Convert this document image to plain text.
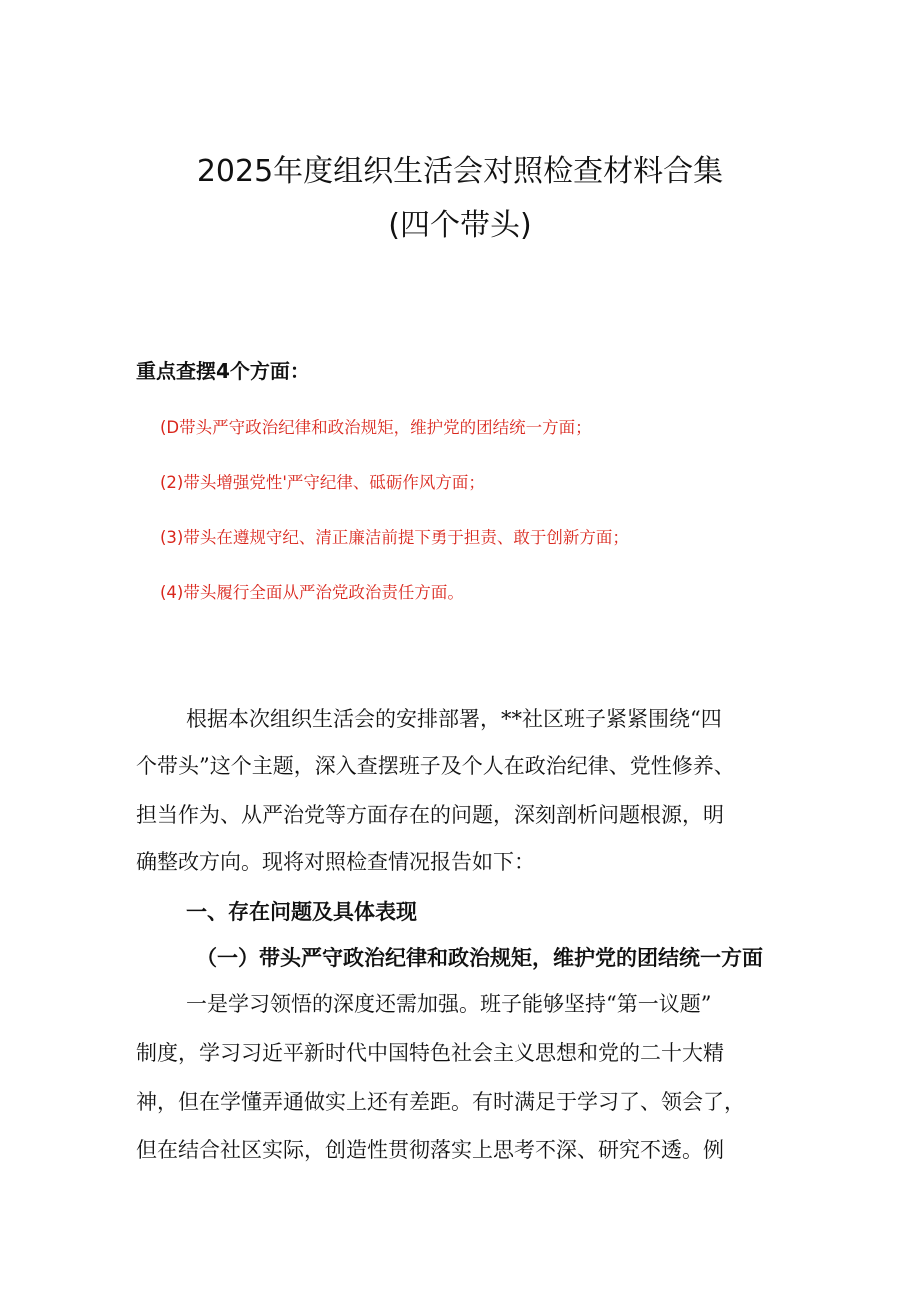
2025年度组织生活会对照检查材料合集
(四个带头)
重点查摆4个方面：
(D带头严守政治纪律和政治规矩，维护党的团结统一方面；
(2)带头增强党性'严守纪律、砥砺作风方面；
(3)带头在遵规守纪、清正廉洁前提下勇于担责、敢于创新方面；
(4)带头履行全面从严治党政治责任方面。
根据本次组织生活会的安排部署，**社区班子紧紧围绕“四
个带头”这个主题，深入查摆班子及个人在政治纪律、党性修养、
担当作为、从严治党等方面存在的问题，深刻剖析问题根源，明
确整改方向。现将对照检查情况报告如下：
一、存在问题及具体表现
（一）带头严守政治纪律和政治规矩，维护党的团结统一方面
一是学习领悟的深度还需加强。班子能够坚持“第一议题”
制度，学习习近平新时代中国特色社会主义思想和党的二十大精
神，但在学懂弄通做实上还有差距。有时满足于学习了、领会了，
但在结合社区实际，创造性贯彻落实上思考不深、研究不透。例
